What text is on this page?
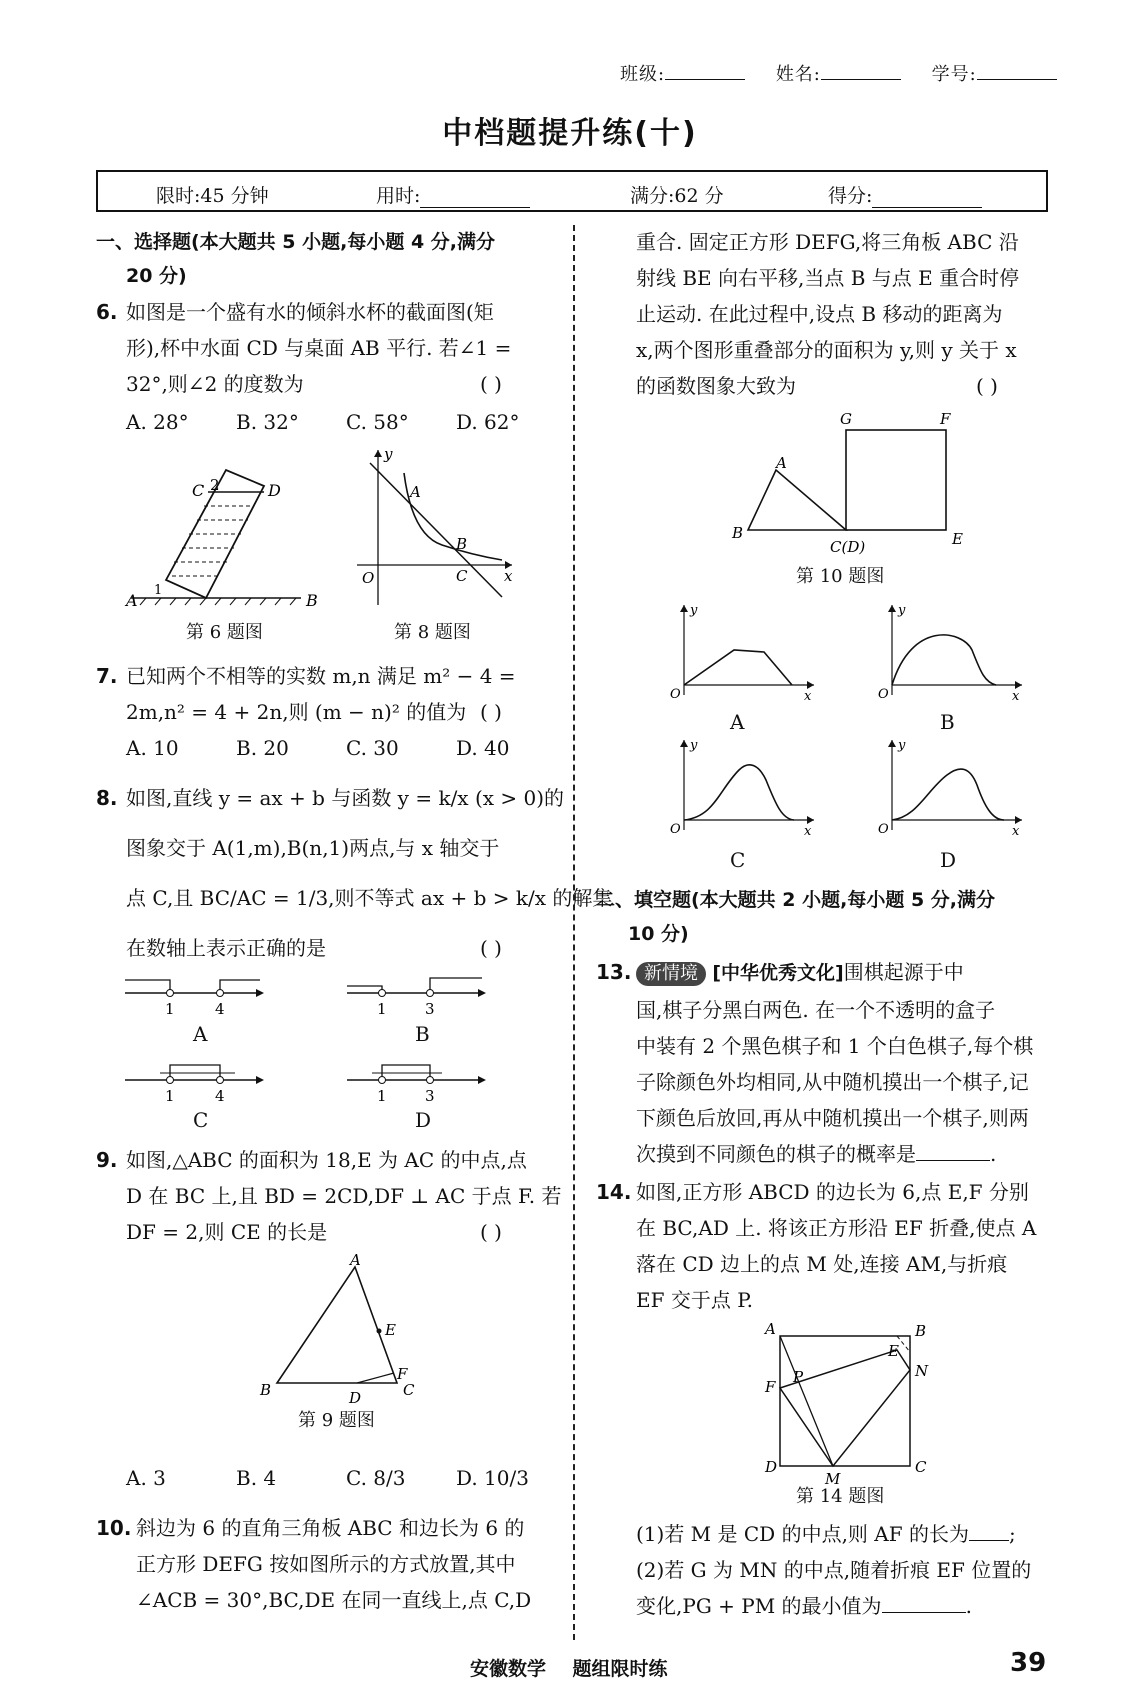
班级:	姓名:	学号:
中档题提升练(十)
限时:45 分钟	用时:	满分:62 分	得分:
一、选择题(本大题共 5 小题,每小题 4 分,满分
20 分)
6. 如图是一个盛有水的倾斜水杯的截面图(矩
形),杯中水面 CD 与桌面 AB 平行. 若∠1 =
32°,则∠2 的度数为	( )
A. 28° B. 32° C. 58° D. 62°
C 2	D
A	B
1
第 6 题图
y
x
O
A
B
C
第 8 题图
7. 已知两个不相等的实数 m,n 满足 m² − 4 =
2m,n² = 4 + 2n,则 (m − n)² 的值为 ( )
A. 10	B. 20	C. 30	D. 40
8. 如图,直线 y = ax + b 与函数 y = k/x (x > 0)的
图象交于 A(1,m),B(n,1)两点,与 x 轴交于
点 C,且 BC/AC = 1/3,则不等式 ax + b > k/x 的解集
在数轴上表示正确的是	( )
1	4
A
1	3
B
1	4
C
1	3
D
9. 如图,△ABC 的面积为 18,E 为 AC 的中点,点
D 在 BC 上,且 BD = 2CD,DF ⊥ AC 于点 F. 若
DF = 2,则 CE 的长是	( )
A
B	C
D
E
F
第 9 题图
A. 3	B. 4	C. 8/3	D. 10/3
10. 斜边为 6 的直角三角板 ABC 和边长为 6 的
正方形 DEFG 按如图所示的方式放置,其中
∠ACB = 30°,BC,DE 在同一直线上,点 C,D
重合. 固定正方形 DEFG,将三角板 ABC 沿
射线 BE 向右平移,当点 B 与点 E 重合时停
止运动. 在此过程中,设点 B 移动的距离为
x,两个图形重叠部分的面积为 y,则 y 关于 x
的函数图象大致为	( )
A
B
C(D)	E
G	F
第 10 题图
y
x
O
A
y
x
O
B
y
x
O
C
y
x
O
D
二、填空题(本大题共 2 小题,每小题 5 分,满分
10 分)
13. 新情境 [中华优秀文化]围棋起源于中
国,棋子分黑白两色. 在一个不透明的盒子
中装有 2 个黑色棋子和 1 个白色棋子,每个棋
子除颜色外均相同,从中随机摸出一个棋子,记
下颜色后放回,再从中随机摸出一个棋子,则两
次摸到不同颜色的棋子的概率是	.
14. 如图,正方形 ABCD 的边长为 6,点 E,F 分别
在 BC,AD 上. 将该正方形沿 EF 折叠,使点 A
落在 CD 边上的点 M 处,连接 AM,与折痕
EF 交于点 P.
A	B
D	C
E
F
P	N
M
第 14 题图
(1)若 M 是 CD 的中点,则 AF 的长为 ;
(2)若 G 为 MN 的中点,随着折痕 EF 位置的
变化,PG + PM 的最小值为	.
安徽数学    题组限时练	39
